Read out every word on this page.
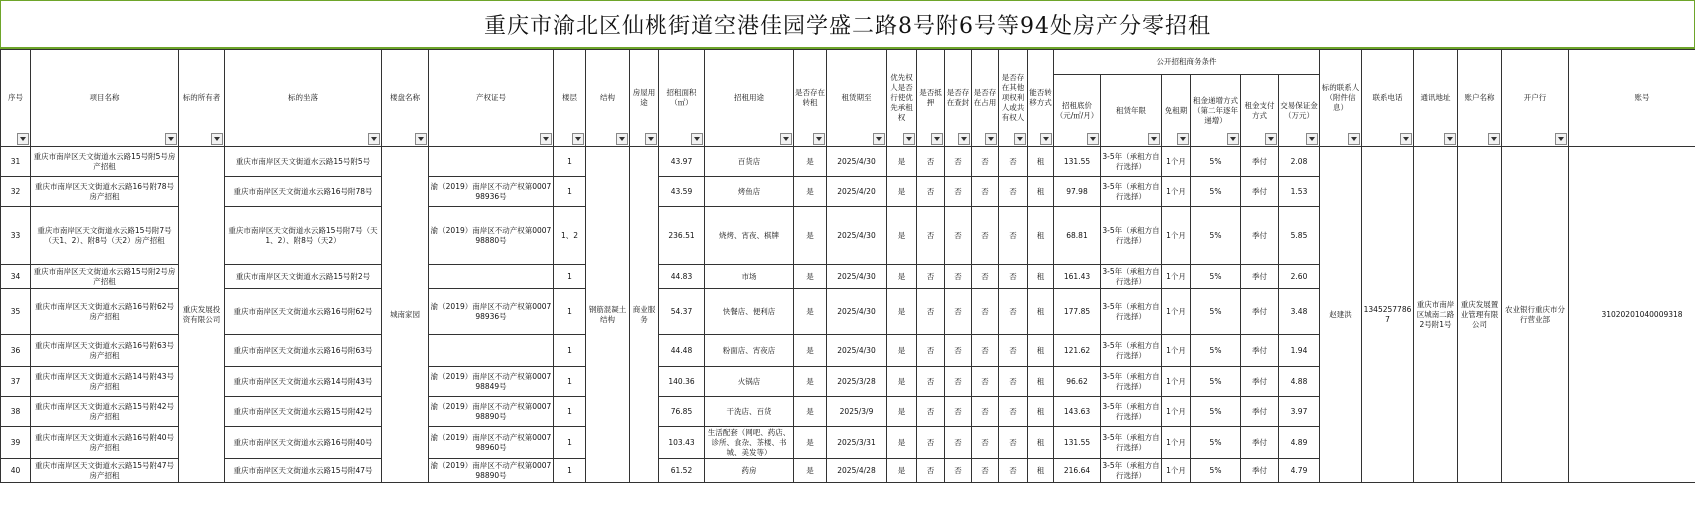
重庆市渝北区仙桃街道空港佳园学盛二路8号附6号等94处房产分零招租
序号	项目名称	标的所有者	标的坐落	楼盘名称	产权证号	楼层	结构	房屋用途	招租面积（㎡）	招租用途	是否存在转租	租赁期至	优先权人是否行使优先承租权	是否抵押	是否存在查封	是否存在占用	是否存在其他项权利人或共有权人	能否转移方式	公开招租商务条件						标的联系人（附件信息）	联系电话	通讯地址	账户名称	开户行	账号

																			招租底价（元/㎡/月）	租赁年限	免租期	租金递增方式（第二年逐年递增）	租金支付方式	交易保证金（万元）						

31	重庆市南岸区天文街道水云路15号附5号房产招租	重庆发展投资有限公司	重庆市南岸区天文街道水云路15号附5号	城南家园		1	钢筋混凝土结构	商业服务	43.97	百货店	是	2025/4/30	是	否	否	否	否	租	131.55	3-5年（承租方自行选择）	1个月	5%	季付	2.08	赵建洪	13452577867	重庆市南岸区城南二路2号附1号	重庆发展置业管理有限公司	农业银行重庆市分行营业部	31020201040009318
32	重庆市南岸区天文街道水云路16号附78号房产招租		重庆市南岸区天文街道水云路16号附78号		渝（2019）南岸区不动产权第000798936号	1			43.59	烤鱼店	是	2025/4/20	是	否	否	否	否	租	97.98	3-5年（承租方自行选择）	1个月	5%	季付	1.53						
33	重庆市南岸区天文街道水云路15号附7号（天1、2）、附8号（天2）房产招租		重庆市南岸区天文街道水云路15号附7号（天1、2）、附8号（天2）		渝（2019）南岸区不动产权第000798880号	1、2			236.51	烧烤、宵夜、棋牌	是	2025/4/30	是	否	否	否	否	租	68.81	3-5年（承租方自行选择）	1个月	5%	季付	5.85						
34	重庆市南岸区天文街道水云路15号附2号房产招租		重庆市南岸区天文街道水云路15号附2号			1			44.83	市场	是	2025/4/30	是	否	否	否	否	租	161.43	3-5年（承租方自行选择）	1个月	5%	季付	2.60						
35	重庆市南岸区天文街道水云路16号附62号房产招租		重庆市南岸区天文街道水云路16号附62号		渝（2019）南岸区不动产权第000798936号	1			54.37	快餐店、便利店	是	2025/4/30	是	否	否	否	否	租	177.85	3-5年（承租方自行选择）	1个月	5%	季付	3.48						
36	重庆市南岸区天文街道水云路16号附63号房产招租		重庆市南岸区天文街道水云路16号附63号			1			44.48	粉面店、宵夜店	是	2025/4/30	是	否	否	否	否	租	121.62	3-5年（承租方自行选择）	1个月	5%	季付	1.94						
37	重庆市南岸区天文街道水云路14号附43号房产招租		重庆市南岸区天文街道水云路14号附43号		渝（2019）南岸区不动产权第000798849号	1			140.36	火锅店	是	2025/3/28	是	否	否	否	否	租	96.62	3-5年（承租方自行选择）	1个月	5%	季付	4.88						
38	重庆市南岸区天文街道水云路15号附42号房产招租		重庆市南岸区天文街道水云路15号附42号		渝（2019）南岸区不动产权第000798890号	1			76.85	干洗店、百货	是	2025/3/9	是	否	否	否	否	租	143.63	3-5年（承租方自行选择）	1个月	5%	季付	3.97						
39	重庆市南岸区天文街道水云路16号附40号房产招租		重庆市南岸区天文街道水云路16号附40号		渝（2019）南岸区不动产权第000798960号	1			103.43	生活配套（网吧、药店、诊所、食杂、茶楼、书城、美发等）	是	2025/3/31	是	否	否	否	否	租	131.55	3-5年（承租方自行选择）	1个月	5%	季付	4.89						
40	重庆市南岸区天文街道水云路15号附47号房产招租		重庆市南岸区天文街道水云路15号附47号		渝（2019）南岸区不动产权第000798890号	1			61.52	药房	是	2025/4/28	是	否	否	否	否	租	216.64	3-5年（承租方自行选择）	1个月	5%	季付	4.79						
